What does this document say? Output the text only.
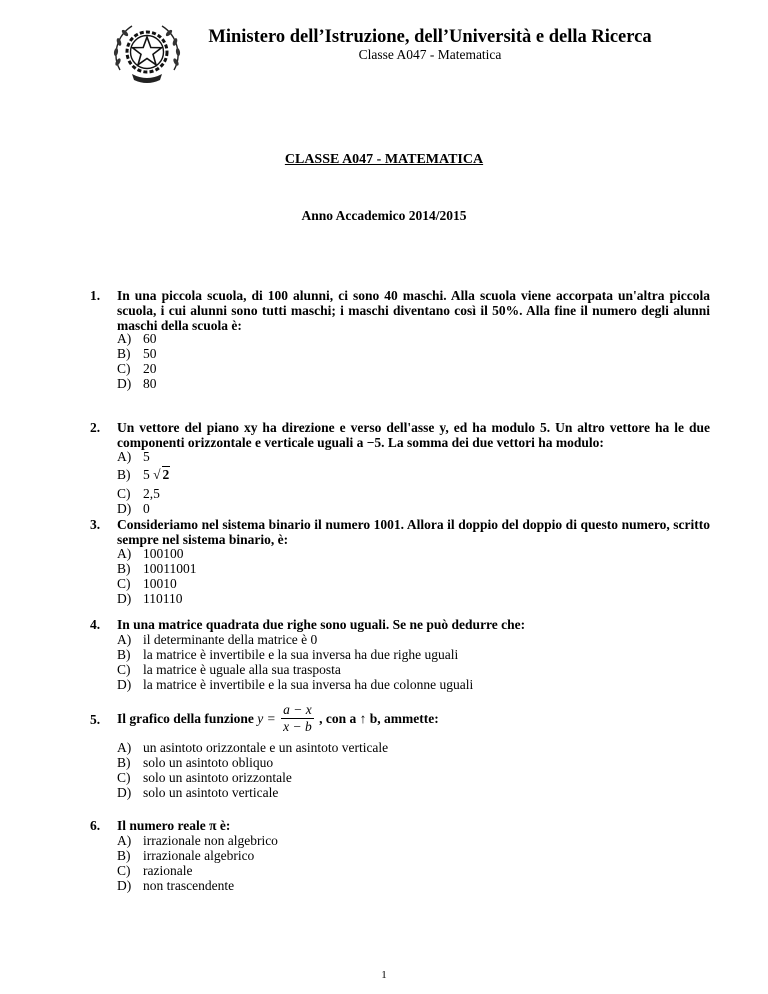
Ministero dell’Istruzione, dell’Università e della Ricerca
Classe A047 - Matematica
CLASSE A047 - MATEMATICA
Anno Accademico 2014/2015
1. In una piccola scuola, di 100 alunni, ci sono 40 maschi. Alla scuola viene accorpata un'altra piccola scuola, i cui alunni sono tutti maschi; i maschi diventano così il 50%. Alla fine il numero degli alunni maschi della scuola è:
A) 60
B) 50
C) 20
D) 80
2. Un vettore del piano xy ha direzione e verso dell'asse y, ed ha modulo 5. Un altro vettore ha le due componenti orizzontale e verticale uguali a −5. La somma dei due vettori ha modulo:
A) 5
B) 5 √ 2
C) 2,5
D) 0
3. Consideriamo nel sistema binario il numero 1001. Allora il doppio del doppio di questo numero, scritto sempre nel sistema binario, è:
A) 100100
B) 10011001
C) 10010
D) 110110
4. In una matrice quadrata due righe sono uguali. Se ne può dedurre che:
A) il determinante della matrice è 0
B) la matrice è invertibile e la sua inversa ha due righe uguali
C) la matrice è uguale alla sua trasposta
D) la matrice è invertibile e la sua inversa ha due colonne uguali
5. Il grafico della funzione $y = \frac{a - x}{x - b}$ , con a ↑ b, ammette:
A) un asintoto orizzontale e un asintoto verticale
B) solo un asintoto obliquo
C) solo un asintoto orizzontale
D) solo un asintoto verticale
6. Il numero reale π è:
A) irrazionale non algebrico
B) irrazionale algebrico
C) razionale
D) non trascendente
1
